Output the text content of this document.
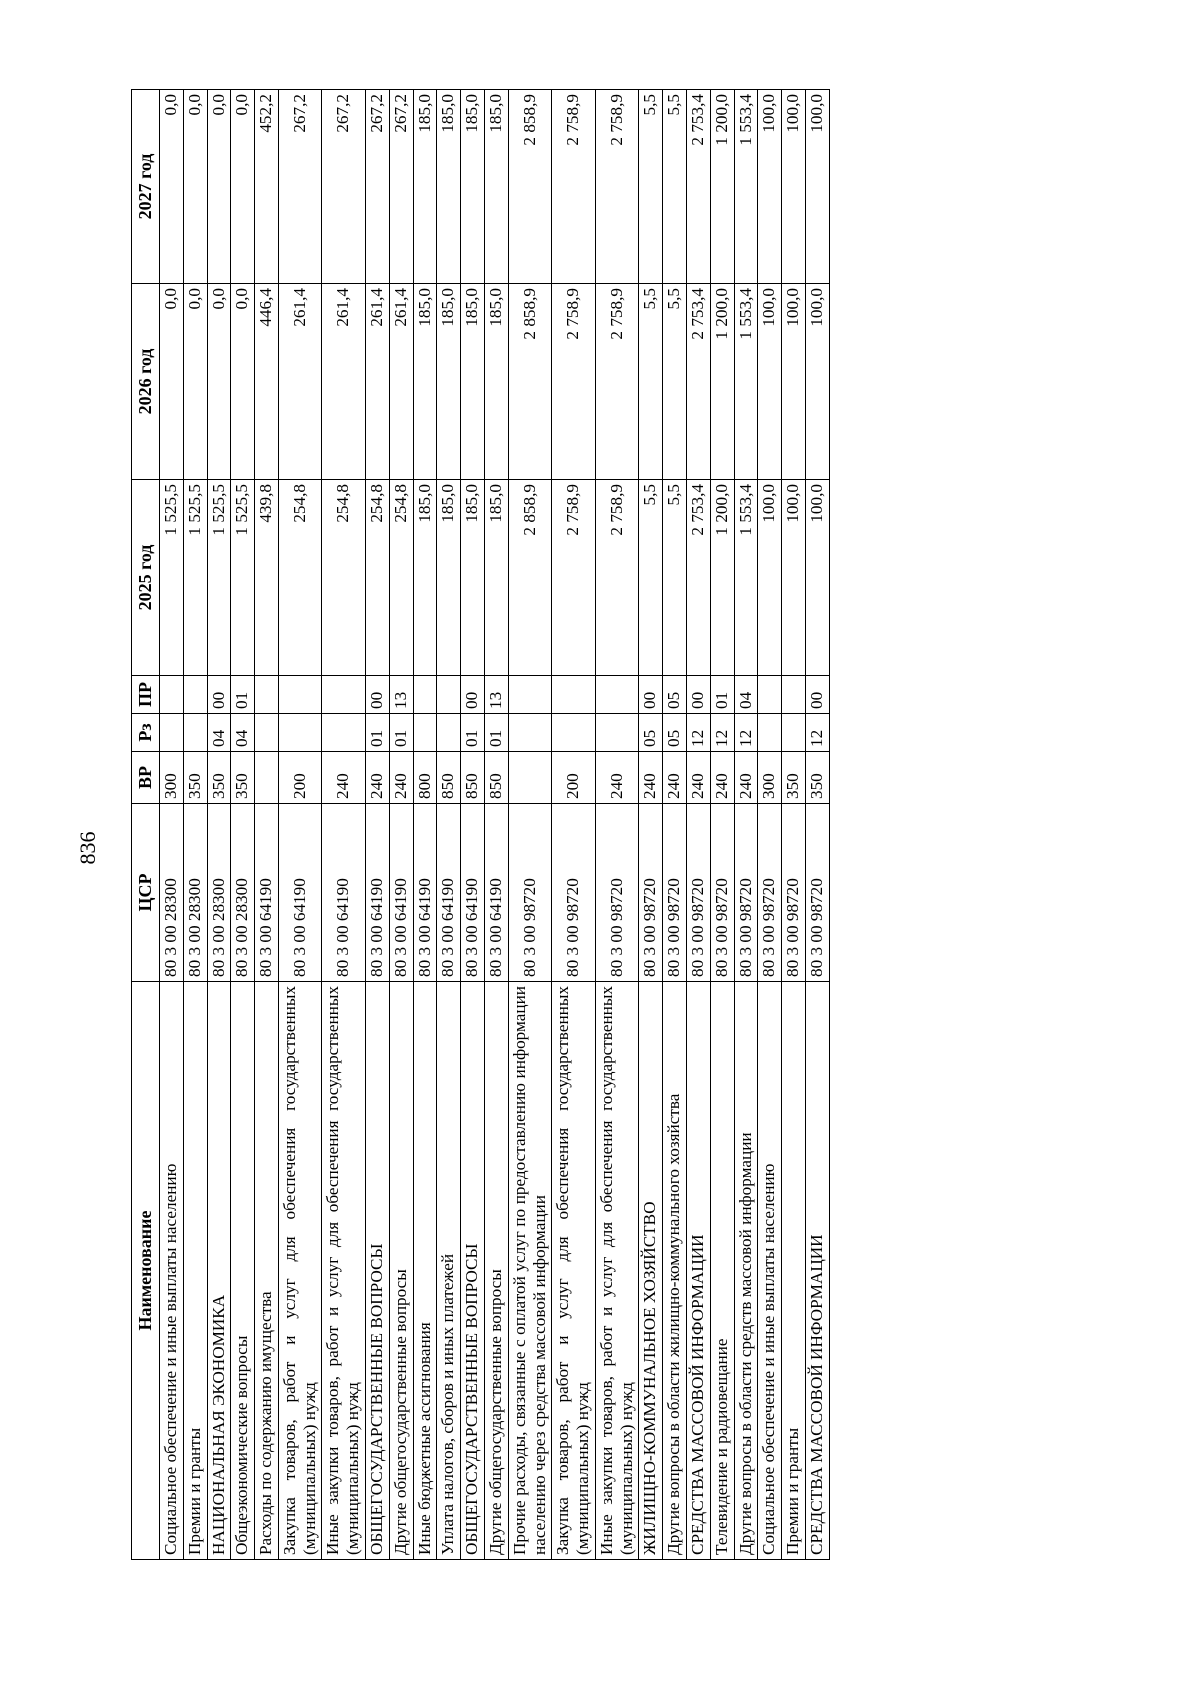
836
Наименование	ЦСР	ВР	Рз	ПР	2025 год	2026 год	2027 год
Социальное обеспечение и иные выплаты населению	80 3 00 28300	300			1 525,5	0,0	0,0
Премии и гранты	80 3 00 28300	350			1 525,5	0,0	0,0
НАЦИОНАЛЬНАЯ ЭКОНОМИКА	80 3 00 28300	350	04	00	1 525,5	0,0	0,0
Общеэкономические вопросы	80 3 00 28300	350	04	01	1 525,5	0,0	0,0
Расходы по содержанию имущества	80 3 00 64190				439,8	446,4	452,2
Закупка товаров, работ и услуг для обеспечения государственных (муниципальных) нужд	80 3 00 64190	200			254,8	261,4	267,2
Иные закупки товаров, работ и услуг для обеспечения государственных (муниципальных) нужд	80 3 00 64190	240			254,8	261,4	267,2
ОБЩЕГОСУДАРСТВЕННЫЕ ВОПРОСЫ	80 3 00 64190	240	01	00	254,8	261,4	267,2
Другие общегосударственные вопросы	80 3 00 64190	240	01	13	254,8	261,4	267,2
Иные бюджетные ассигнования	80 3 00 64190	800			185,0	185,0	185,0
Уплата налогов, сборов и иных платежей	80 3 00 64190	850			185,0	185,0	185,0
ОБЩЕГОСУДАРСТВЕННЫЕ ВОПРОСЫ	80 3 00 64190	850	01	00	185,0	185,0	185,0
Другие общегосударственные вопросы	80 3 00 64190	850	01	13	185,0	185,0	185,0
Прочие расходы, связанные с оплатой услуг по предоставлению информации населению через средства массовой информации	80 3 00 98720				2 858,9	2 858,9	2 858,9
Закупка товаров, работ и услуг для обеспечения государственных (муниципальных) нужд	80 3 00 98720	200			2 758,9	2 758,9	2 758,9
Иные закупки товаров, работ и услуг для обеспечения государственных (муниципальных) нужд	80 3 00 98720	240			2 758,9	2 758,9	2 758,9
ЖИЛИЩНО-КОММУНАЛЬНОЕ ХОЗЯЙСТВО	80 3 00 98720	240	05	00	5,5	5,5	5,5
Другие вопросы в области жилищно-коммунального хозяйства	80 3 00 98720	240	05	05	5,5	5,5	5,5
СРЕДСТВА МАССОВОЙ ИНФОРМАЦИИ	80 3 00 98720	240	12	00	2 753,4	2 753,4	2 753,4
Телевидение и радиовещание	80 3 00 98720	240	12	01	1 200,0	1 200,0	1 200,0
Другие вопросы в области средств массовой информации	80 3 00 98720	240	12	04	1 553,4	1 553,4	1 553,4
Социальное обеспечение и иные выплаты населению	80 3 00 98720	300			100,0	100,0	100,0
Премии и гранты	80 3 00 98720	350			100,0	100,0	100,0
СРЕДСТВА МАССОВОЙ ИНФОРМАЦИИ	80 3 00 98720	350	12	00	100,0	100,0	100,0
